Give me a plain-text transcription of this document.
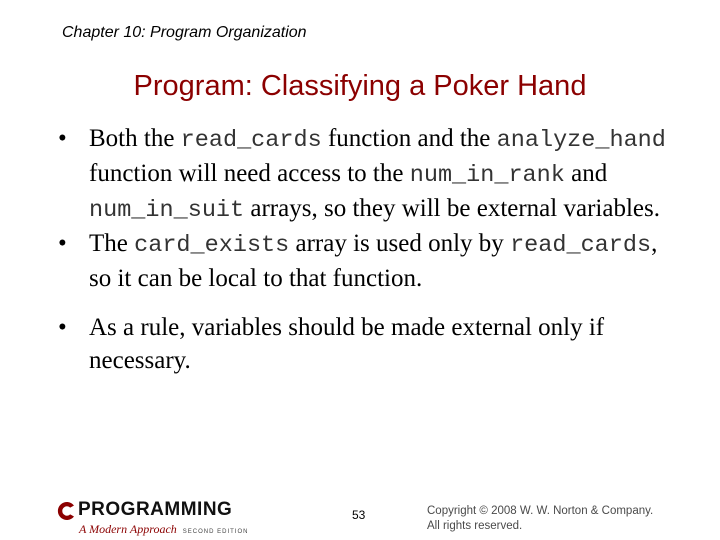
Chapter 10: Program Organization
Program: Classifying a Poker Hand
• Both the read_cards function and the analyze_hand function will need access to the num_in_rank and num_in_suit arrays, so they will be external variables.
• The card_exists array is used only by read_cards, so it can be local to that function.
• As a rule, variables should be made external only if necessary.
PROGRAMMING
A Modern Approach SECOND EDITION
53	Copyright © 2008 W. W. Norton & Company.
All rights reserved.
